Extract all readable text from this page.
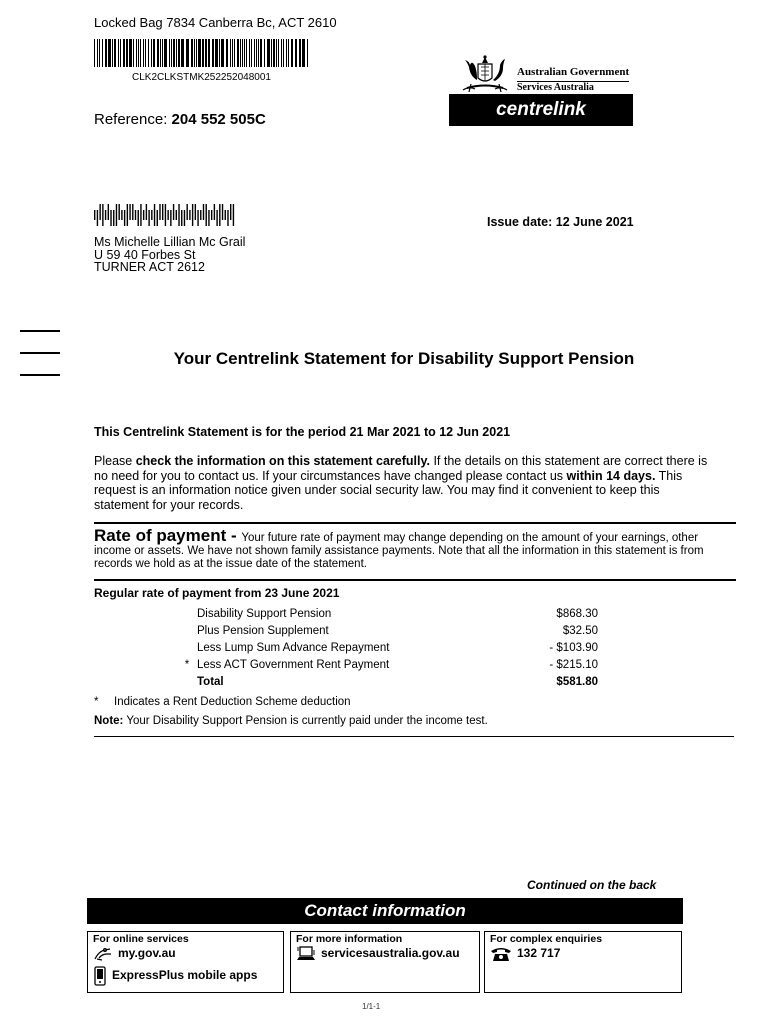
Locked Bag 7834 Canberra Bc, ACT 2610
CLK2CLKSTMK252252048001
Reference: 204 552 505C
Australian Government
Services Australia
centrelink
Issue date: 12 June 2021
Ms Michelle Lillian Mc Grail
U 59 40 Forbes St
TURNER ACT 2612
Your Centrelink Statement for Disability Support Pension
This Centrelink Statement is for the period 21 Mar 2021 to 12 Jun 2021
Please check the information on this statement carefully. If the details on this statement are correct there is no need for you to contact us. If your circumstances have changed please contact us within 14 days. This request is an information notice given under social security law. You may find it convenient to keep this statement for your records.
Rate of payment - Your future rate of payment may change depending on the amount of your earnings, other income or assets. We have not shown family assistance payments. Note that all the information in this statement is from records we hold as at the issue date of the statement.
Regular rate of payment from 23 June 2021
Disability Support Pension	$868.30
Plus Pension Supplement	$32.50
Less Lump Sum Advance Repayment	- $103.90
* Less ACT Government Rent Payment	- $215.10
Total	$581.80
* Indicates a Rent Deduction Scheme deduction
Note: Your Disability Support Pension is currently paid under the income test.
Continued on the back
Contact information
For online services
my.gov.au
ExpressPlus mobile apps
For more information
servicesaustralia.gov.au
For complex enquiries
132 717
1/1-1
